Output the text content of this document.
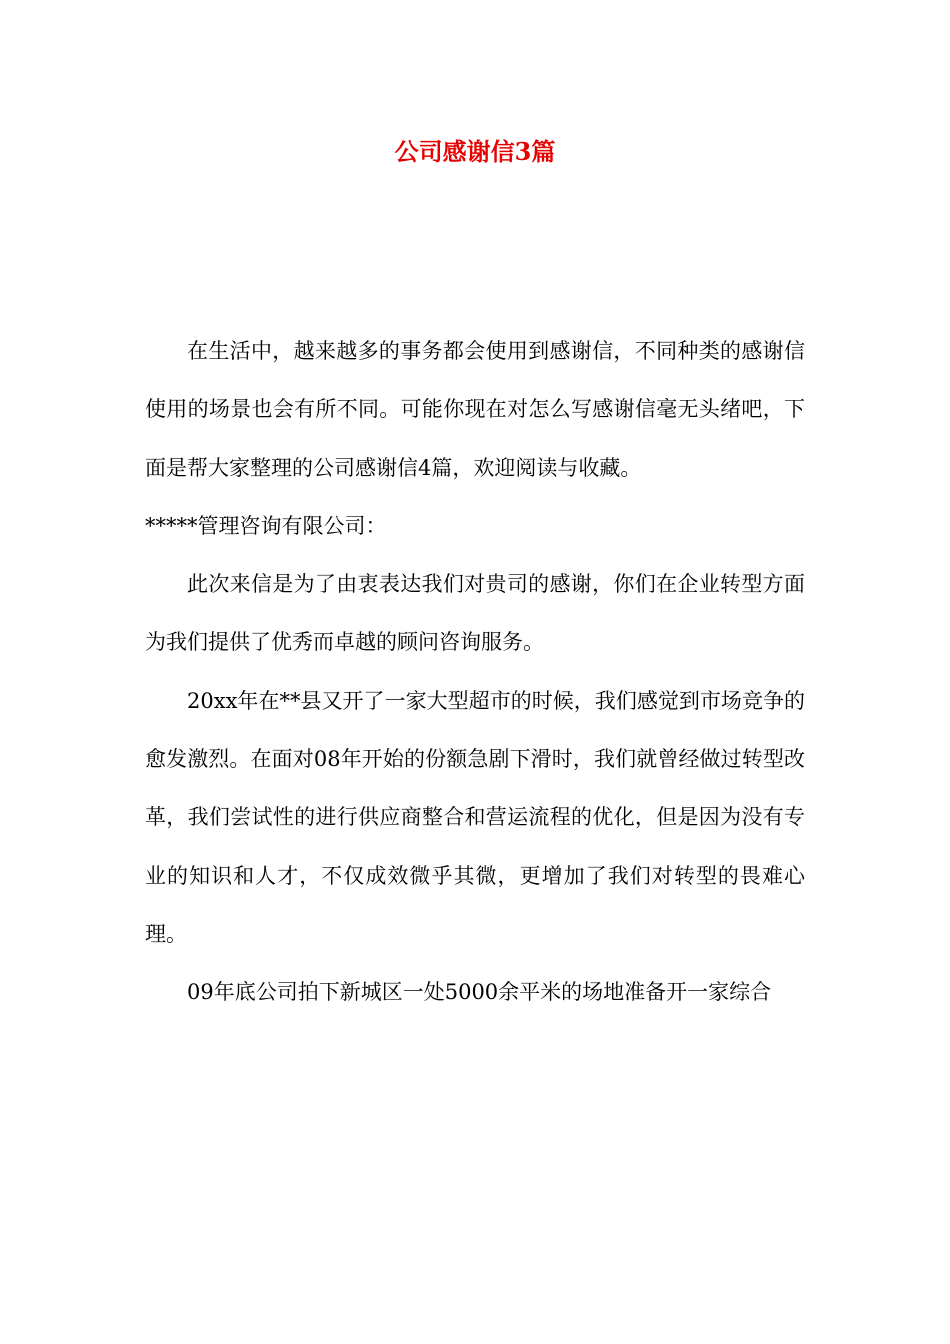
公司感谢信3篇

在生活中，越来越多的事务都会使用到感谢信，不同种类的感谢信使用的场景也会有所不同。可能你现在对怎么写感谢信毫无头绪吧，下面是帮大家整理的公司感谢信4篇，欢迎阅读与收藏。

*****管理咨询有限公司：

此次来信是为了由衷表达我们对贵司的感谢，你们在企业转型方面为我们提供了优秀而卓越的顾问咨询服务。

20xx年在**县又开了一家大型超市的时候，我们感觉到市场竞争的愈发激烈。在面对08年开始的份额急剧下滑时，我们就曾经做过转型改革，我们尝试性的进行供应商整合和营运流程的优化，但是因为没有专业的知识和人才，不仅成效微乎其微，更增加了我们对转型的畏难心理。

09年底公司拍下新城区一处5000余平米的场地准备开一家综合
